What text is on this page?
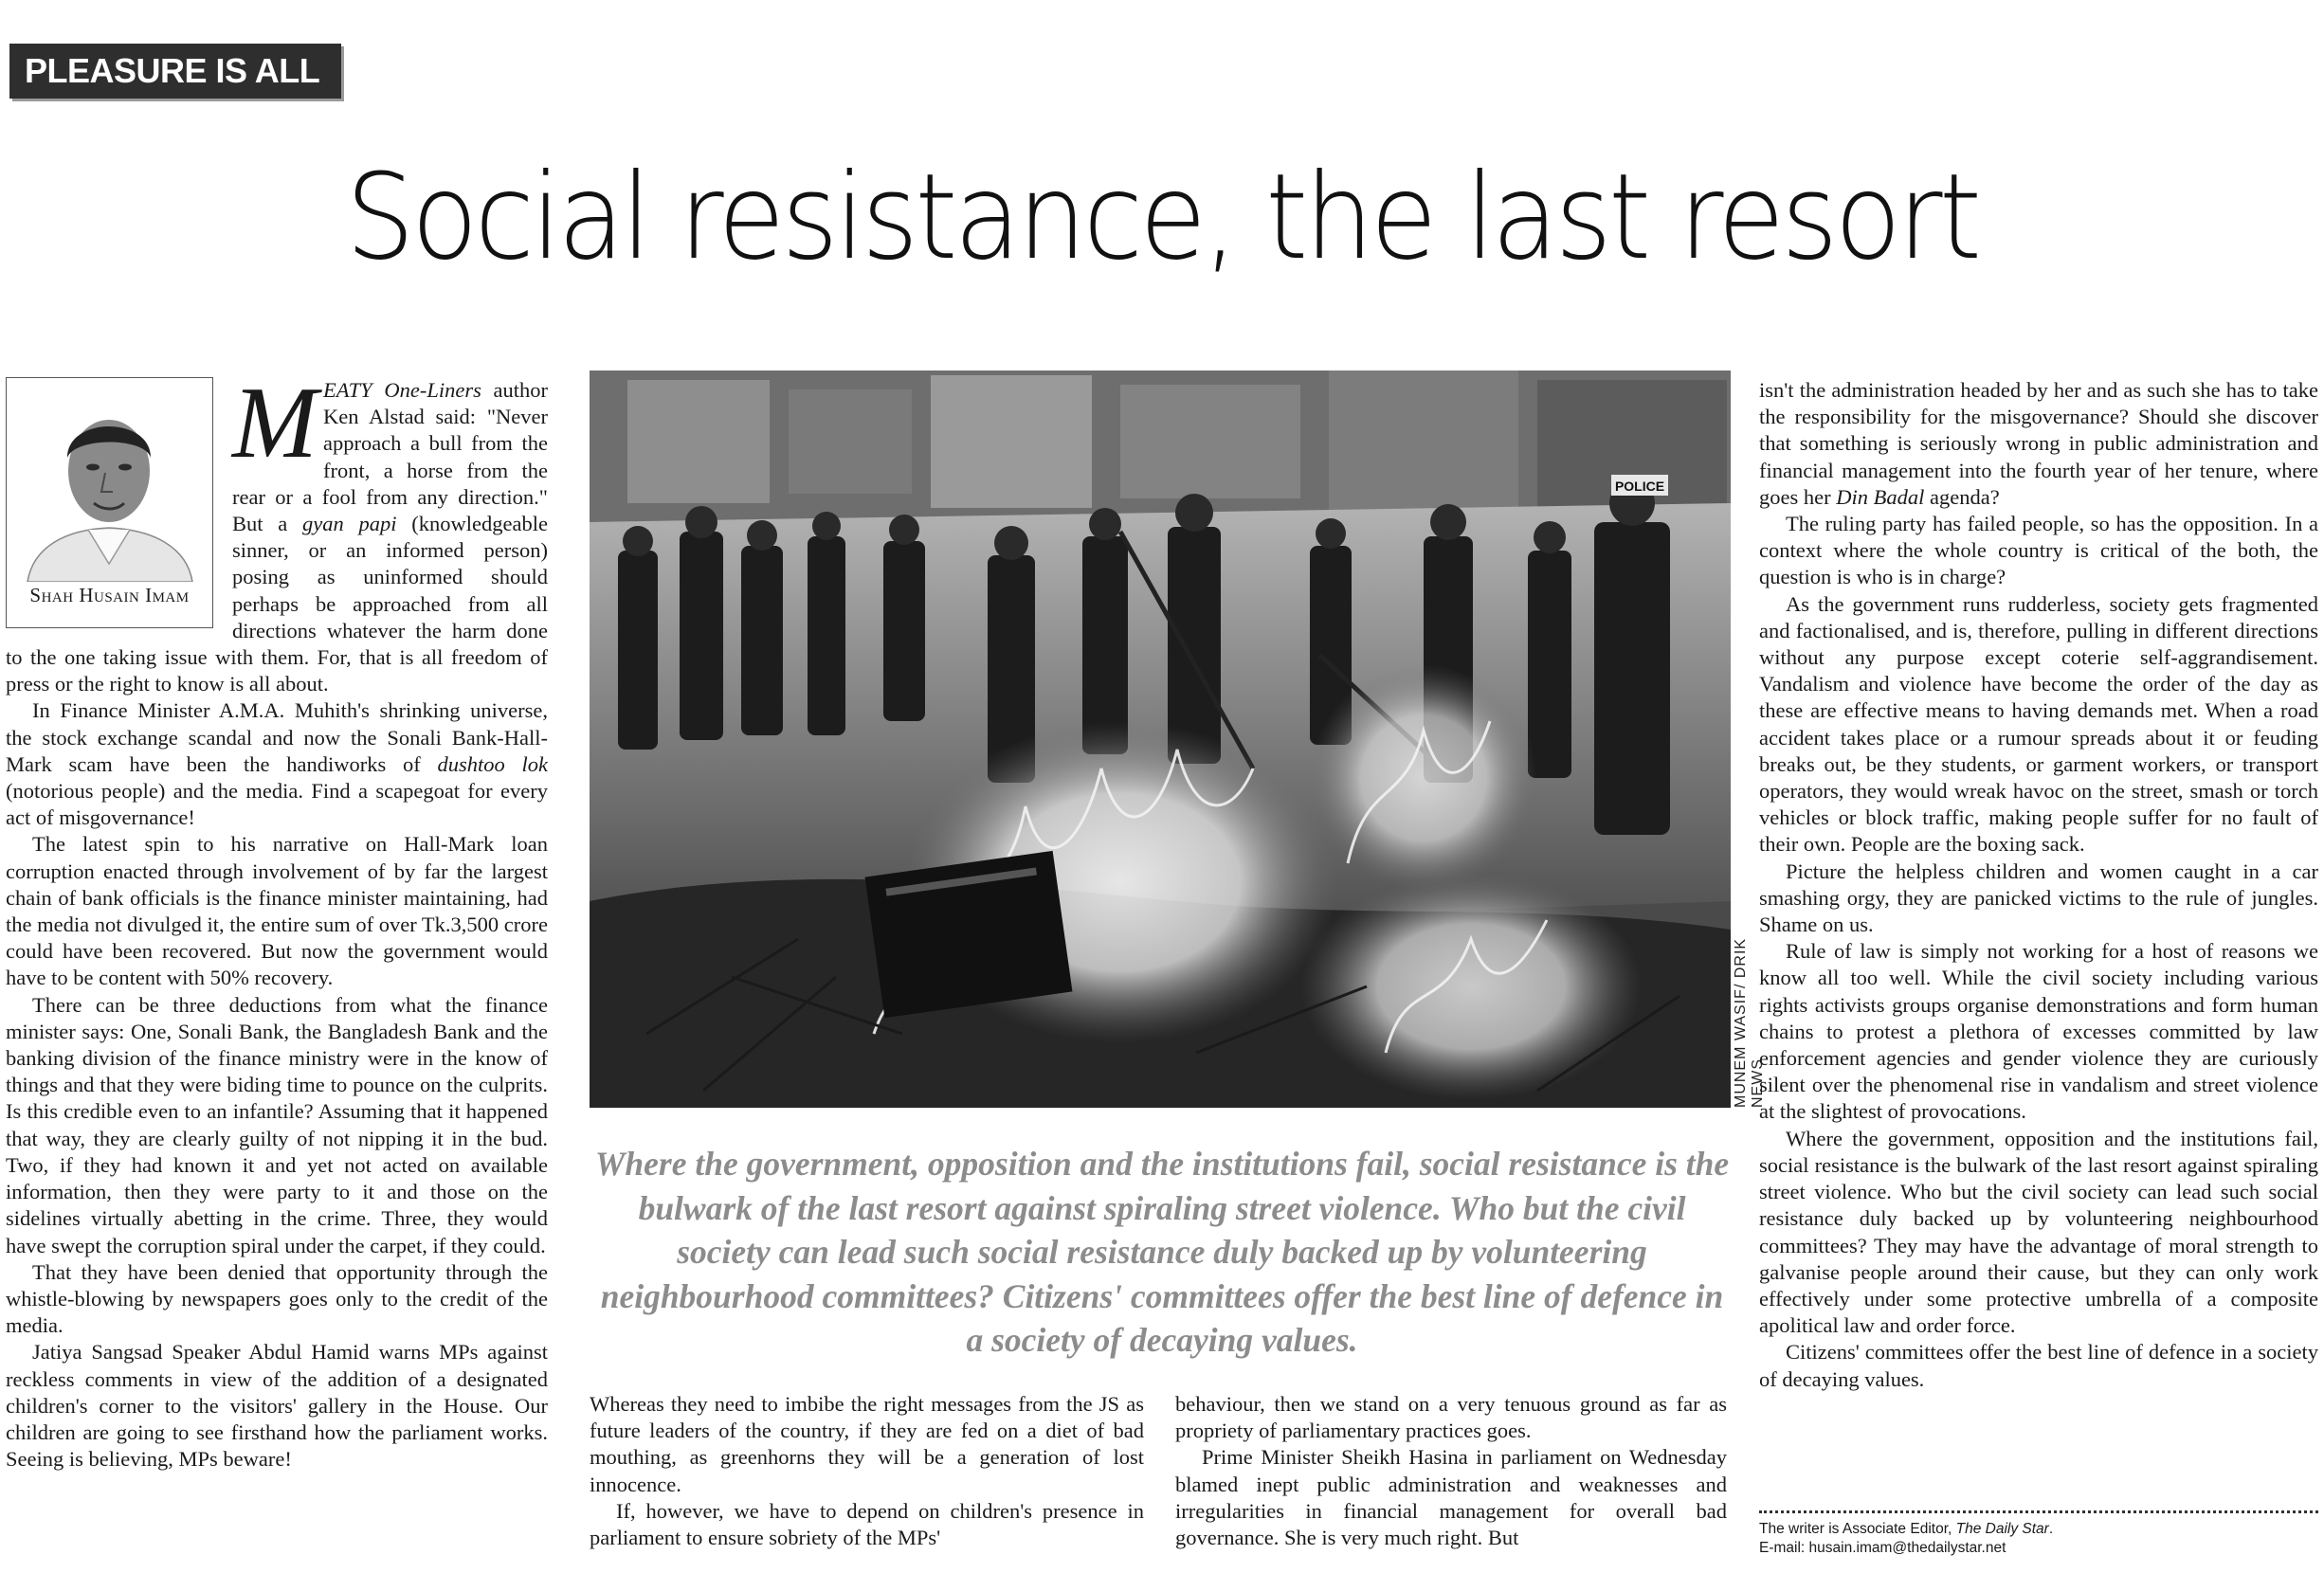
PLEASURE IS ALL MINE
Social resistance, the last resort
Shah Husain Imam

MEATY One-Liners author Ken Alstad said: "Never approach a bull from the front, a horse from the rear or a fool from any direction." But a gyan papi (knowledgeable sinner, or an informed person) posing as uninformed should perhaps be approached from all directions whatever the harm done to the one taking issue with them. For, that is all freedom of press or the right to know is all about.

In Finance Minister A.M.A. Muhith's shrinking universe, the stock exchange scandal and now the Sonali Bank-Hall-Mark scam have been the handiworks of dushtoo lok (notorious people) and the media. Find a scapegoat for every act of misgovernance!

The latest spin to his narrative on Hall-Mark loan corruption enacted through involvement of by far the largest chain of bank officials is the finance minister maintaining, had the media not divulged it, the entire sum of over Tk.3,500 crore could have been recovered. But now the government would have to be content with 50% recovery.

There can be three deductions from what the finance minister says: One, Sonali Bank, the Bangladesh Bank and the banking division of the finance ministry were in the know of things and that they were biding time to pounce on the culprits. Is this credible even to an infantile? Assuming that it happened that way, they are clearly guilty of not nipping it in the bud. Two, if they had known it and yet not acted on available information, then they were party to it and those on the sidelines virtually abetting in the crime. Three, they would have swept the corruption spiral under the carpet, if they could.

That they have been denied that opportunity through the whistle-blowing by newspapers goes only to the credit of the media.

Jatiya Sangsad Speaker Abdul Hamid warns MPs against reckless comments in view of the addition of a designated children's corner to the visitors' gallery in the House. Our children are going to see firsthand how the parliament works. Seeing is believing, MPs beware!

POLICE
MUNEM WASIF/ DRIK NEWS
Where the government, opposition and the institutions fail, social resistance is the bulwark of the last resort against spiraling street violence. Who but the civil society can lead such social resistance duly backed up by volunteering neighbourhood committees? Citizens' committees offer the best line of defence in a society of decaying values.

Whereas they need to imbibe the right messages from the JS as future leaders of the country, if they are fed on a diet of bad mouthing, as greenhorns they will be a generation of lost innocence.

If, however, we have to depend on children's presence in parliament to ensure sobriety of the MPs'

behaviour, then we stand on a very tenuous ground as far as propriety of parliamentary practices goes.

Prime Minister Sheikh Hasina in parliament on Wednesday blamed inept public administration and weaknesses and irregularities in financial management for overall bad governance. She is very much right. But

isn't the administration headed by her and as such she has to take the responsibility for the misgovernance? Should she discover that something is seriously wrong in public administration and financial management into the fourth year of her tenure, where goes her Din Badal agenda?

The ruling party has failed people, so has the opposition. In a context where the whole country is critical of the both, the question is who is in charge?

As the government runs rudderless, society gets fragmented and factionalised, and is, therefore, pulling in different directions without any purpose except coterie self-aggrandisement. Vandalism and violence have become the order of the day as these are effective means to having demands met. When a road accident takes place or a rumour spreads about it or feuding breaks out, be they students, or garment workers, or transport operators, they would wreak havoc on the street, smash or torch vehicles or block traffic, making people suffer for no fault of their own. People are the boxing sack.

Picture the helpless children and women caught in a car smashing orgy, they are panicked victims to the rule of jungles. Shame on us.

Rule of law is simply not working for a host of reasons we know all too well. While the civil society including various rights activists groups organise demonstrations and form human chains to protest a plethora of excesses committed by law enforcement agencies and gender violence they are curiously silent over the phenomenal rise in vandalism and street violence at the slightest of provocations.

Where the government, opposition and the institutions fail, social resistance is the bulwark of the last resort against spiraling street violence. Who but the civil society can lead such social resistance duly backed up by volunteering neighbourhood committees? They may have the advantage of moral strength to galvanise people around their cause, but they can only work effectively under some protective umbrella of a composite apolitical law and order force.

Citizens' committees offer the best line of defence in a society of decaying values.

The writer is Associate Editor, The Daily Star.
E-mail: husain.imam@thedailystar.net
